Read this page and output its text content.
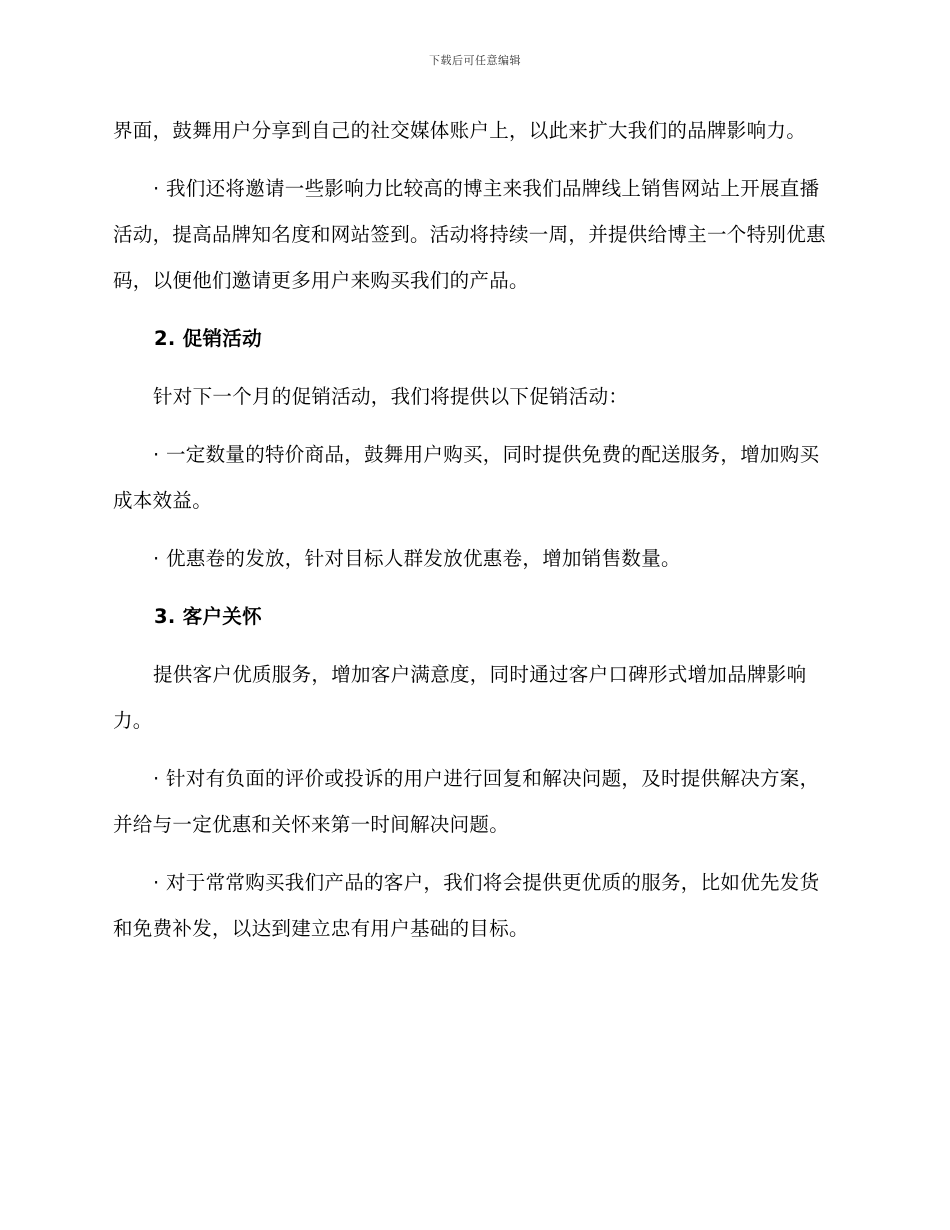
下载后可任意编辑

界面，鼓舞用户分享到自己的社交媒体账户上，以此来扩大我们的品牌影响力。

· 我们还将邀请一些影响力比较高的博主来我们品牌线上销售网站上开展直播活动，提高品牌知名度和网站签到。活动将持续一周，并提供给博主一个特别优惠码，以便他们邀请更多用户来购买我们的产品。

2. 促销活动

针对下一个月的促销活动，我们将提供以下促销活动：

· 一定数量的特价商品，鼓舞用户购买，同时提供免费的配送服务，增加购买成本效益。

· 优惠卷的发放，针对目标人群发放优惠卷，增加销售数量。

3. 客户关怀

提供客户优质服务，增加客户满意度，同时通过客户口碑形式增加品牌影响力。

· 针对有负面的评价或投诉的用户进行回复和解决问题，及时提供解决方案，并给与一定优惠和关怀来第一时间解决问题。

· 对于常常购买我们产品的客户，我们将会提供更优质的服务，比如优先发货和免费补发，以达到建立忠有用户基础的目标。
